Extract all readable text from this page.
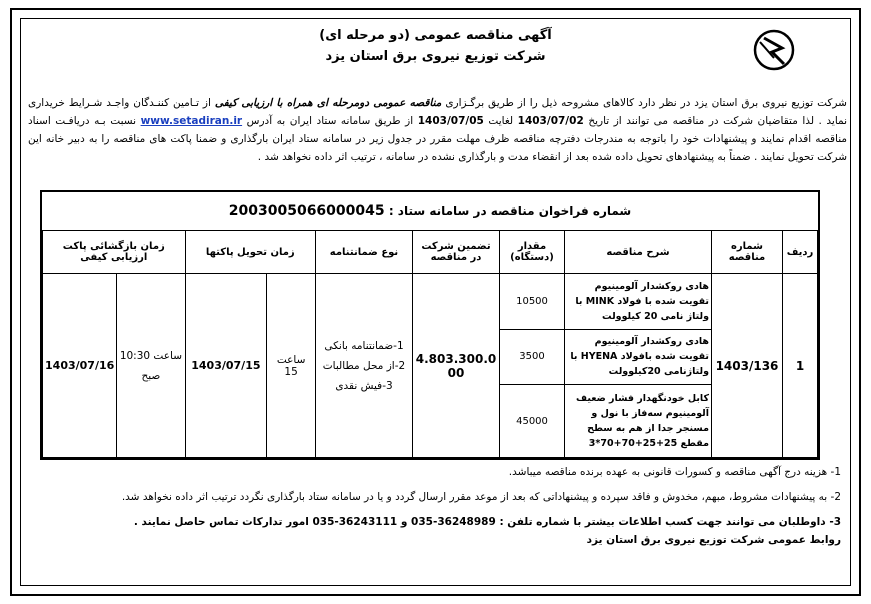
آگهی مناقصه عمومی (دو مرحله ای)
شرکت توزیع نیروی برق استان یزد
شرکت توزیع نیروی برق استان یزد در نظر دارد کالاهای مشروحه ذیل را از طریق برگـزاری مناقصه عمومی دومرحله ای همراه با ارزیابی کیفی از تـامین کننـدگان واجـد شـرایط خریداری نماید . لذا متقاضیان شرکت در مناقصه می توانند از تاریخ 1403/07/02 لغایت 1403/07/05 از طریق سامانه ستاد ایران به آدرس www.setadiran.ir نسبت بـه دریافـت اسناد مناقصه اقدام نمایند و پیشنهادات خود را باتوجه به مندرجات دفترچه مناقصه ظرف مهلت مقرر در جدول زیر در سامانه ستاد ایران بارگذاری و ضمنا پاکت های مناقصه را به دبیر خانه این شرکت تحویل نمایند . ضمناً به پیشنهادهای تحویل داده شده بعد از انقضاء مدت و بارگذاری نشده در سامانه ، ترتیب اثر داده نخواهد شد .
شماره فراخوان مناقصه در سامانه ستاد : 2003005066000045
ردیف	شماره مناقصه	شرح مناقصه	مقدار (دستگاه)	تضمین شرکت در مناقصه	نوع ضمانتنامه	زمان تحویل پاکتها		زمان بازگشائی پاکت ارزیابی کیفی	
1	1403/136	هادی روکشدار آلومینیوم تقویت شده با فولاد MINK با ولتاژ نامی 20 کیلوولت	10500	4.803.300.000	1-ضمانتنامه بانکی
2-از محل مطالبات
3-فیش نقدی	ساعت 15	1403/07/15	ساعت 10:30 صبح	1403/07/16
		هادی روکشدار آلومینیوم تقویت شده بافولاد HYENA با ولتاژنامی 20کیلوولت	3500						
		کابل خودنگهدار فشار ضعیف آلومینیوم سه‌فاز با نول و مسنجر جدا از هم به سطح مقطع 25+25+70+70*3	45000						
1- هزینه درج آگهی مناقصه و کسورات قانونی به عهده برنده مناقصه میباشد.
2- به پیشنهادات مشروط، مبهم، مخدوش و فاقد سپرده و پیشنهاداتی که بعد از موعد مقرر ارسال گردد و یا در سامانه ستاد بارگذاری نگردد ترتیب اثر داده نخواهد شد.
3- داوطلبان می توانند جهت کسب اطلاعات بیشتر با شماره تلفن : 36248989-035 و 36243111-035 امور تدارکات تماس حاصل نمایند .
روابط عمومی شرکت توزیع نیروی برق استان یزد
